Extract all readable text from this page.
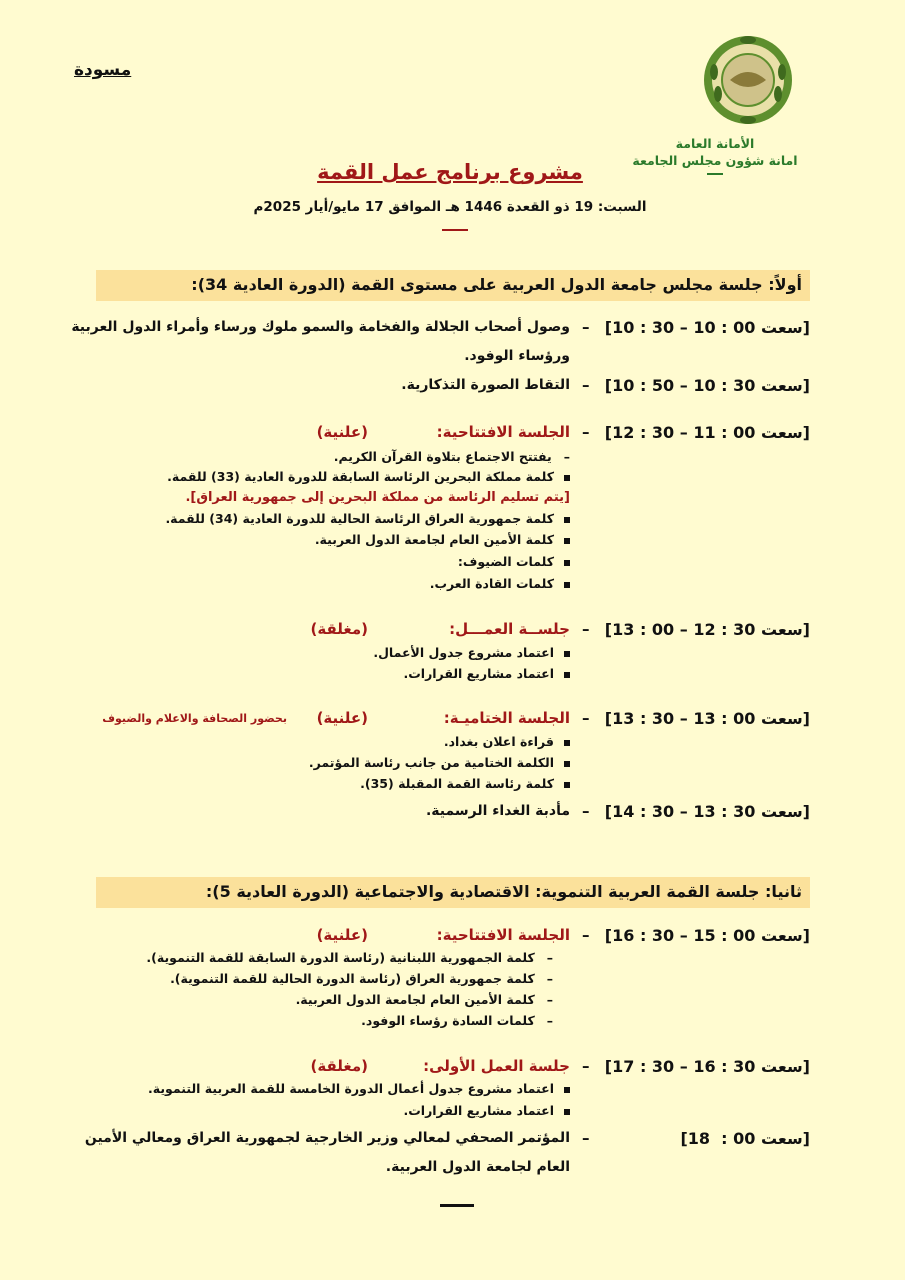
مسودة
الأمانة العامة
امانة شؤون مجلس الجامعة
مشروع برنامج عمل القمة
السبت: 19 ذو القعدة 1446 هـ الموافق 17 مايو/أيار 2025م
أولاً: جلسة مجلس جامعة الدول العربية على مستوى القمة (الدورة العادية 34):
[سعت 00 : 10 – 30 : 10]
–
وصول أصحاب الجلالة والفخامة والسمو ملوك ورساء وأمراء الدول العربية
ورؤساء الوفود.
[سعت 30 : 10 – 50 : 10]
–
التقاط الصورة التذكارية.
[سعت 00 : 11 – 30 : 12]
–
الجلسة الافتتاحية:
(علنية)
–يفتتح الاجتماع بتلاوة القرآن الكريم.
كلمة مملكة البحرين الرئاسة السابقة للدورة العادية (33) للقمة.
[يتم تسليم الرئاسة من مملكة البحرين إلى جمهورية العراق].
كلمة جمهورية العراق الرئاسة الحالية للدورة العادية (34) للقمة.
كلمة الأمين العام لجامعة الدول العربية.
كلمات الضيوف:
كلمات القادة العرب.
[سعت 30 : 12 – 00 : 13]
–
جلســة العمـــل:
(مغلقة)
اعتماد مشروع جدول الأعمال.
اعتماد مشاريع القرارات.
[سعت 00 : 13 – 30 : 13]
–
الجلسة الختاميـة:
(علنية)
بحضور الصحافة والاعلام والضيوف
قراءة اعلان بغداد.
الكلمة الختامية من جانب رئاسة المؤتمر.
كلمة رئاسة القمة المقبلة (35).
[سعت 30 : 13 – 30 : 14]
–
مأدبة الغداء الرسمية.
ثانيا: جلسة القمة العربية التنموية: الاقتصادية والاجتماعية (الدورة العادية 5):
[سعت 00 : 15 – 30 : 16]
–
الجلسة الافتتاحية:
(علنية)
–كلمة الجمهورية اللبنانية (رئاسة الدورة السابقة للقمة التنموية).
–كلمة جمهورية العراق (رئاسة الدورة الحالية للقمة التنموية).
–كلمة الأمين العام لجامعة الدول العربية.
–كلمات السادة رؤساء الوفود.
[سعت 30 : 16 – 30 : 17]
–
جلسة العمل الأولى:
(مغلقة)
اعتماد مشروع جدول أعمال الدورة الخامسة للقمة العربية التنموية.
اعتماد مشاريع القرارات.
[سعت 00 :  18]
–
المؤتمر الصحفي لمعالي وزير الخارجية لجمهورية العراق ومعالي الأمين
العام لجامعة الدول العربية.
